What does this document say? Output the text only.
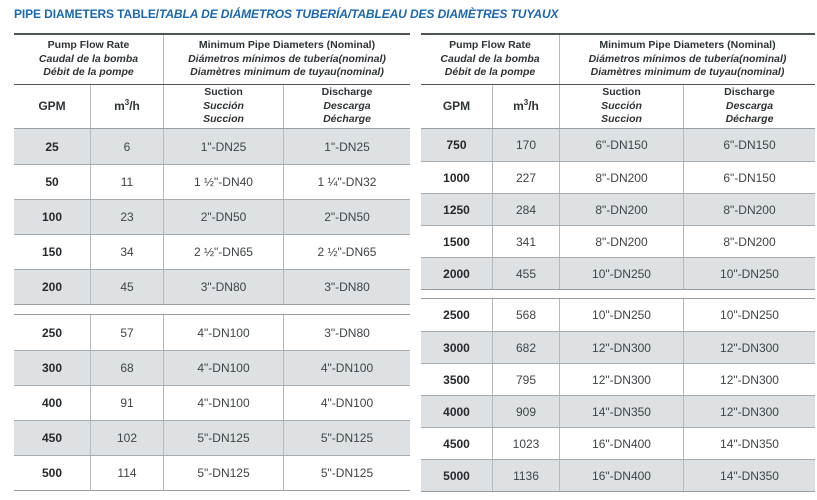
PIPE DIAMETERS TABLE/TABLA DE DIÁMETROS TUBERÍA/TABLEAU DES DIAMÈTRES TUYAUX
Pump Flow Rate
Caudal de la bomba
Débit de la pompe
Minimum Pipe Diameters (Nominal)
Diámetros mínimos de tubería(nominal)
Diamètres minimum de tuyau(nominal)
GPM	$m^3/h$
Suction
Succión
Succion
Discharge
Descarga
Décharge
25	6	1"-DN25	1"-DN25
50	11	1 ½"-DN40	1 ¼"-DN32
100	23	2"-DN50	2"-DN50
150	34	2 ½"-DN65	2 ½"-DN65
200	45	3"-DN80	3"-DN80
250	57	4"-DN100	3"-DN80
300	68	4"-DN100	4"-DN100
400	91	4"-DN100	4"-DN100
450	102	5"-DN125	5"-DN125
500	114	5"-DN125	5"-DN125
Pump Flow Rate
Caudal de la bomba
Débit de la pompe
Minimum Pipe Diameters (Nominal)
Diámetros mínimos de tubería(nominal)
Diamètres minimum de tuyau(nominal)
GPM	$m^3/h$
Suction
Succión
Succion
Discharge
Descarga
Décharge
750	170	6"-DN150	6"-DN150
1000	227	8"-DN200	6"-DN150
1250	284	8"-DN200	8"-DN200
1500	341	8"-DN200	8"-DN200
2000	455	10"-DN250	10"-DN250
2500	568	10"-DN250	10"-DN250
3000	682	12"-DN300	12"-DN300
3500	795	12"-DN300	12"-DN300
4000	909	14"-DN350	12"-DN300
4500	1023	16"-DN400	14"-DN350
5000	1136	16"-DN400	14"-DN350
